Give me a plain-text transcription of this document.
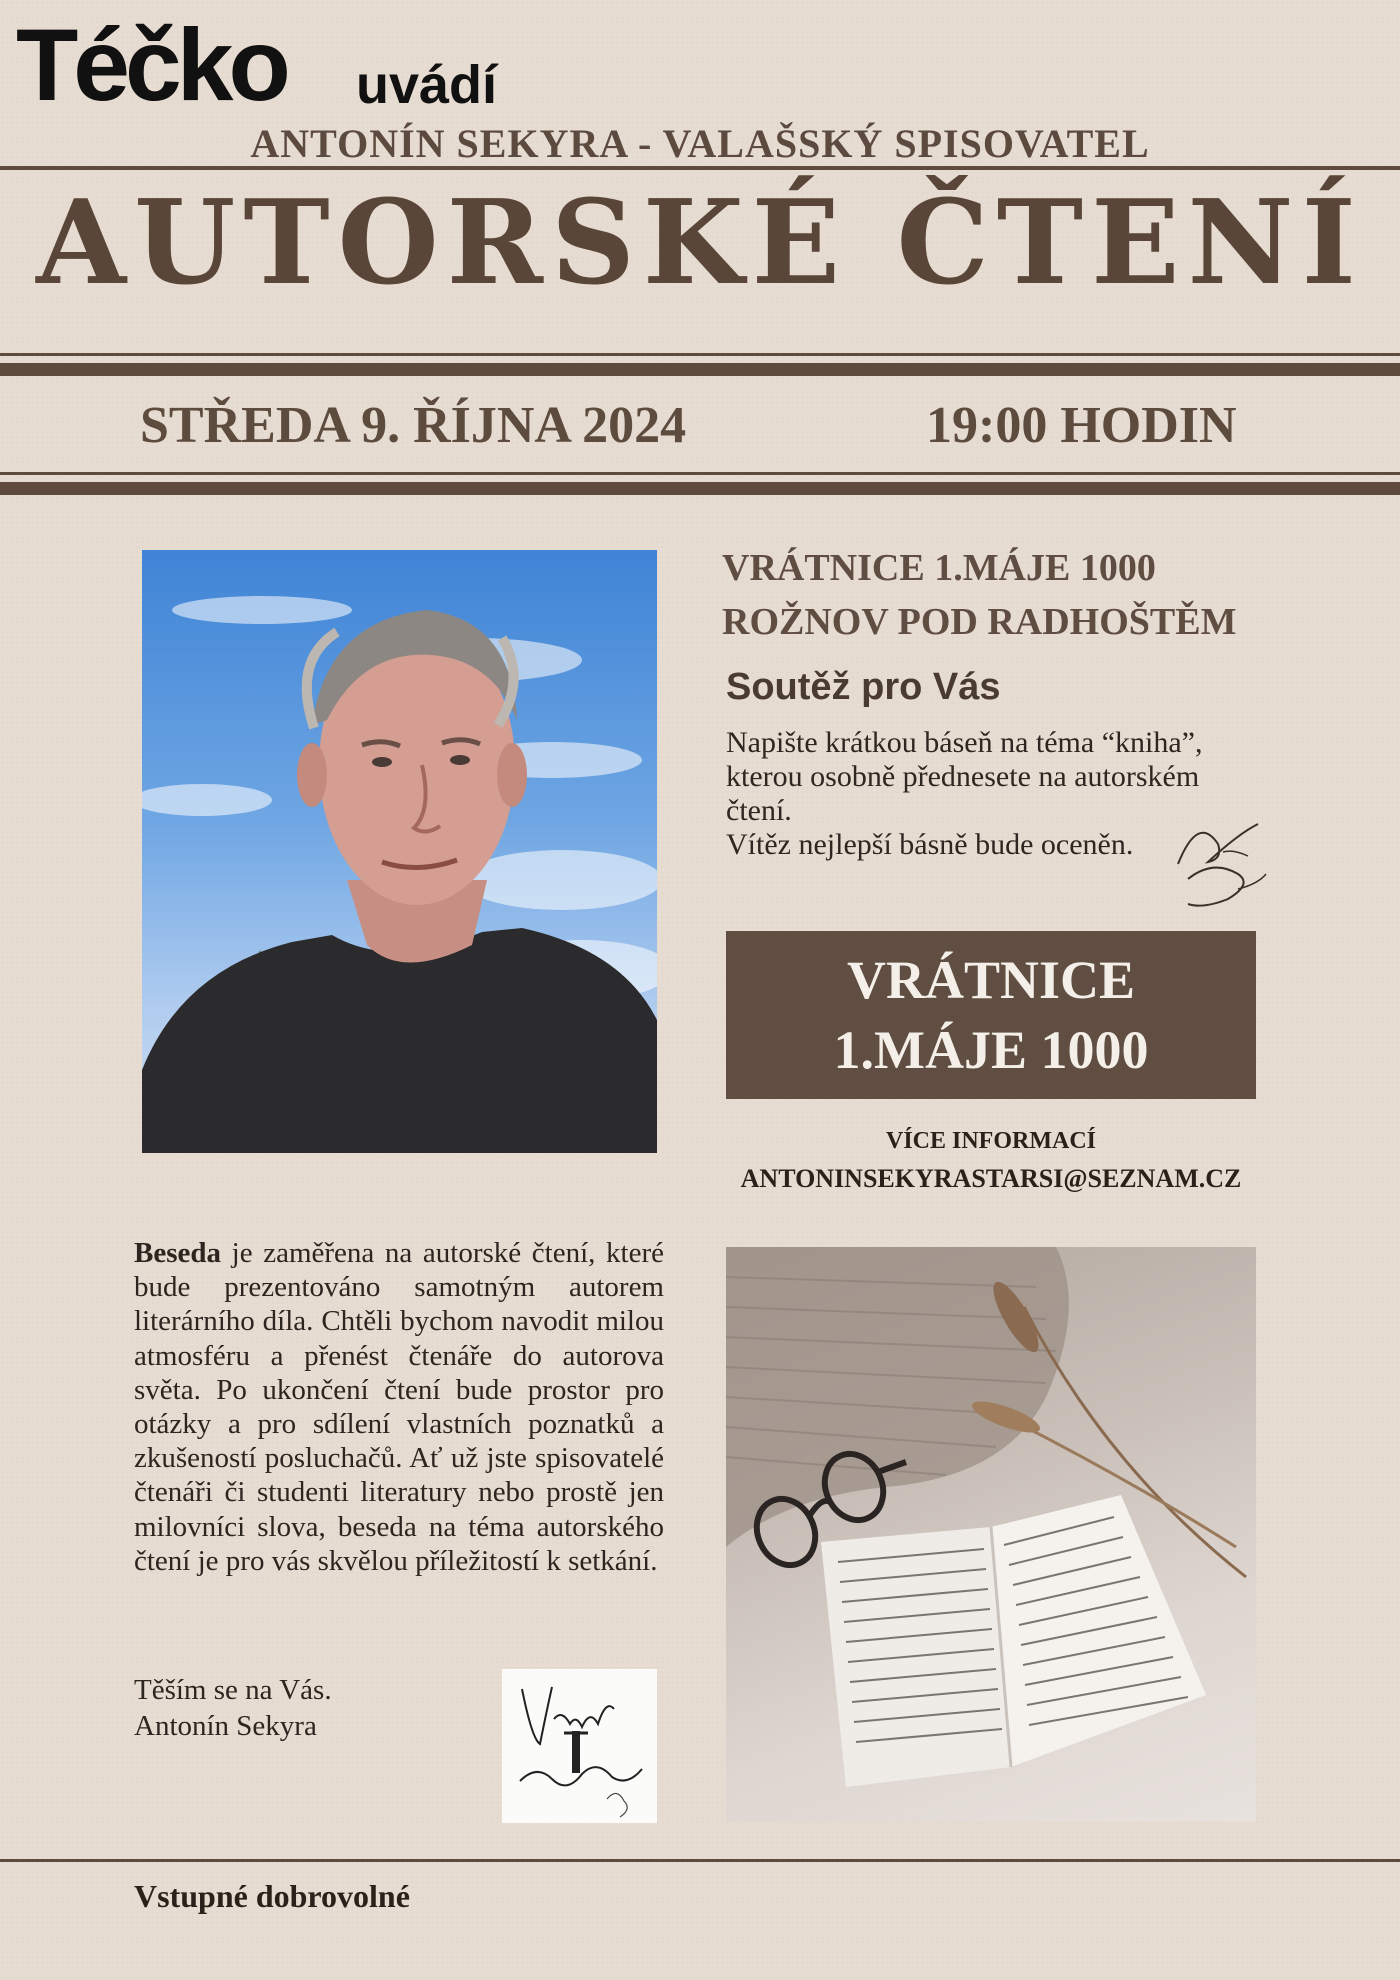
Téčko uvádí
ANTONÍN SEKYRA - VALAŠSKÝ SPISOVATEL
AUTORSKÉ ČTENÍ
STŘEDA 9. ŘÍJNA 2024	19:00 HODIN
VRÁTNICE 1.MÁJE 1000
ROŽNOV POD RADHOŠTĚM
Soutěž pro Vás

Napište krátkou báseň na téma “kniha”,

kterou osobně přednesete na autorském

čtení.

Vítěz nejlepší básně bude oceněn.

VRÁTNICE
1.MÁJE 1000
VÍCE INFORMACÍ
ANTONINSEKYRASTARSI@SEZNAM.CZ
Beseda je zaměřena na autorské čtení, které bude prezentováno samotným autorem literárního díla. Chtěli bychom navodit milou atmosféru a přenést čtenáře do autorova světa. Po ukončení čtení bude prostor pro otázky a pro sdílení vlastních poznatků a zkušeností posluchačů. Ať už jste spisovatelé čtenáři či studenti literatury nebo prostě jen milovníci slova, beseda na téma autorského čtení je pro vás skvělou příležitostí k setkání.
Těším se na Vás.
Antonín Sekyra
Vstupné dobrovolné
